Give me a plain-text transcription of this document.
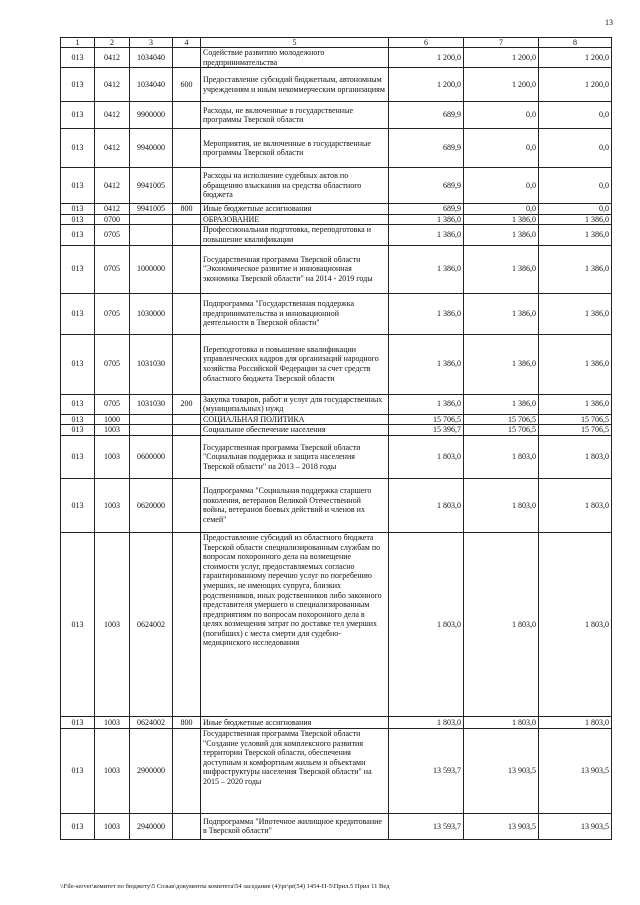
13
1	2	3	4	5	6	7	8
013	0412	1034040		Содействие развитию молодежного предпринимательства	1 200,0	1 200,0	1 200,0
013	0412	1034040	600	Предоставление субсидий бюджетным, автономным учреждениям и иным некоммерческим организациям	1 200,0	1 200,0	1 200,0
013	0412	9900000		Расходы, не включенные в государственные программы Тверской области	689,9	0,0	0,0
013	0412	9940000		Мероприятия, не включенные в государственные программы Тверской области	689,9	0,0	0,0
013	0412	9941005		Расходы на исполнение судебных актов по обращению взыскания на средства областного бюджета	689,9	0,0	0,0
013	0412	9941005	800	Иные бюджетные ассигнования	689,9	0,0	0,0
013	0700			ОБРАЗОВАНИЕ	1 386,0	1 386,0	1 386,0
013	0705			Профессиональная подготовка, переподготовка и повышение квалификации	1 386,0	1 386,0	1 386,0
013	0705	1000000		Государственная программа Тверской области "Экономическое развитие и инновационная экономика Тверской области" на 2014 - 2019 годы	1 386,0	1 386,0	1 386,0
013	0705	1030000		Подпрограмма "Государственная поддержка предпринимательства и инновационной деятельности в Тверской области"	1 386,0	1 386,0	1 386,0
013	0705	1031030		Переподготовка и повышение квалификации управленческих кадров для организаций народного хозяйства Российской Федерации за счет средств областного бюджета Тверской области	1 386,0	1 386,0	1 386,0
013	0705	1031030	200	Закупка товаров, работ и услуг для государственных (муниципальных) нужд	1 386,0	1 386,0	1 386,0
013	1000			СОЦИАЛЬНАЯ ПОЛИТИКА	15 706,5	15 706,5	15 706,5
013	1003			Социальное обеспечение населения	15 396,7	15 706,5	15 706,5
013	1003	0600000		Государственная программа Тверской области "Социальная поддержка и защита населения Тверской области" на 2013 – 2018 годы	1 803,0	1 803,0	1 803,0
013	1003	0620000		Подпрограмма "Социальная поддержка старшего поколения, ветеранов Великой Отечественной войны, ветеранов боевых действий и членов их семей"	1 803,0	1 803,0	1 803,0
013	1003	0624002		Предоставление субсидий из областного бюджета Тверской области специализированным службам по вопросам похоронного дела на возмещение стоимости услуг, предоставляемых согласно гарантированному перечню услуг по погребению умерших, не имеющих супруга, близких родственников, иных родственников либо законного представителя умершего и специализированным предприятиям по вопросам похоронного дела в целях возмещения затрат по доставке тел умерших (погибших) с места смерти для судебно-медицинского исследования	1 803,0	1 803,0	1 803,0
013	1003	0624002	800	Иные бюджетные ассигнования	1 803,0	1 803,0	1 803,0
013	1003	2900000		Государственная программа Тверской области "Создание условий для комплексного развития территории Тверской области, обеспечения доступным и комфортным жильем и объектами инфраструктуры населения Тверской области" на 2015 – 2020 годы	13 593,7	13 903,5	13 903,5
013	1003	2940000		Подпрограмма "Ипотечное жилищное кредитование в Тверской области"	13 593,7	13 903,5	13 903,5
\\File-server\комитет по бюджету\5 Созыв\документы комитета\54 заседание (4)\pr\pr(54) 1454-П-5\Прил.5 Прил 11 Вед
